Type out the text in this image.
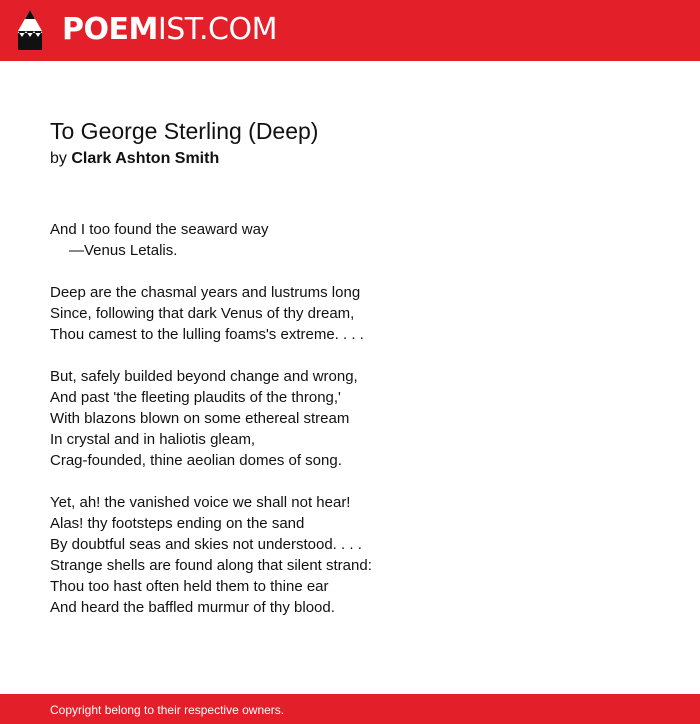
POEMIST.COM
To George Sterling (Deep)
by Clark Ashton Smith
And I too found the seaward way
—Venus Letalis.
Deep are the chasmal years and lustrums long
Since, following that dark Venus of thy dream,
Thou camest to the lulling foams's extreme. . . .
But, safely builded beyond change and wrong,
And past 'the fleeting plaudits of the throng,'
With blazons blown on some ethereal stream
In crystal and in haliotis gleam,
Crag-founded, thine aeolian domes of song.
Yet, ah! the vanished voice we shall not hear!
Alas! thy footsteps ending on the sand
By doubtful seas and skies not understood. . . .
Strange shells are found along that silent strand:
Thou too hast often held them to thine ear
And heard the baffled murmur of thy blood.
Copyright belong to their respective owners.
